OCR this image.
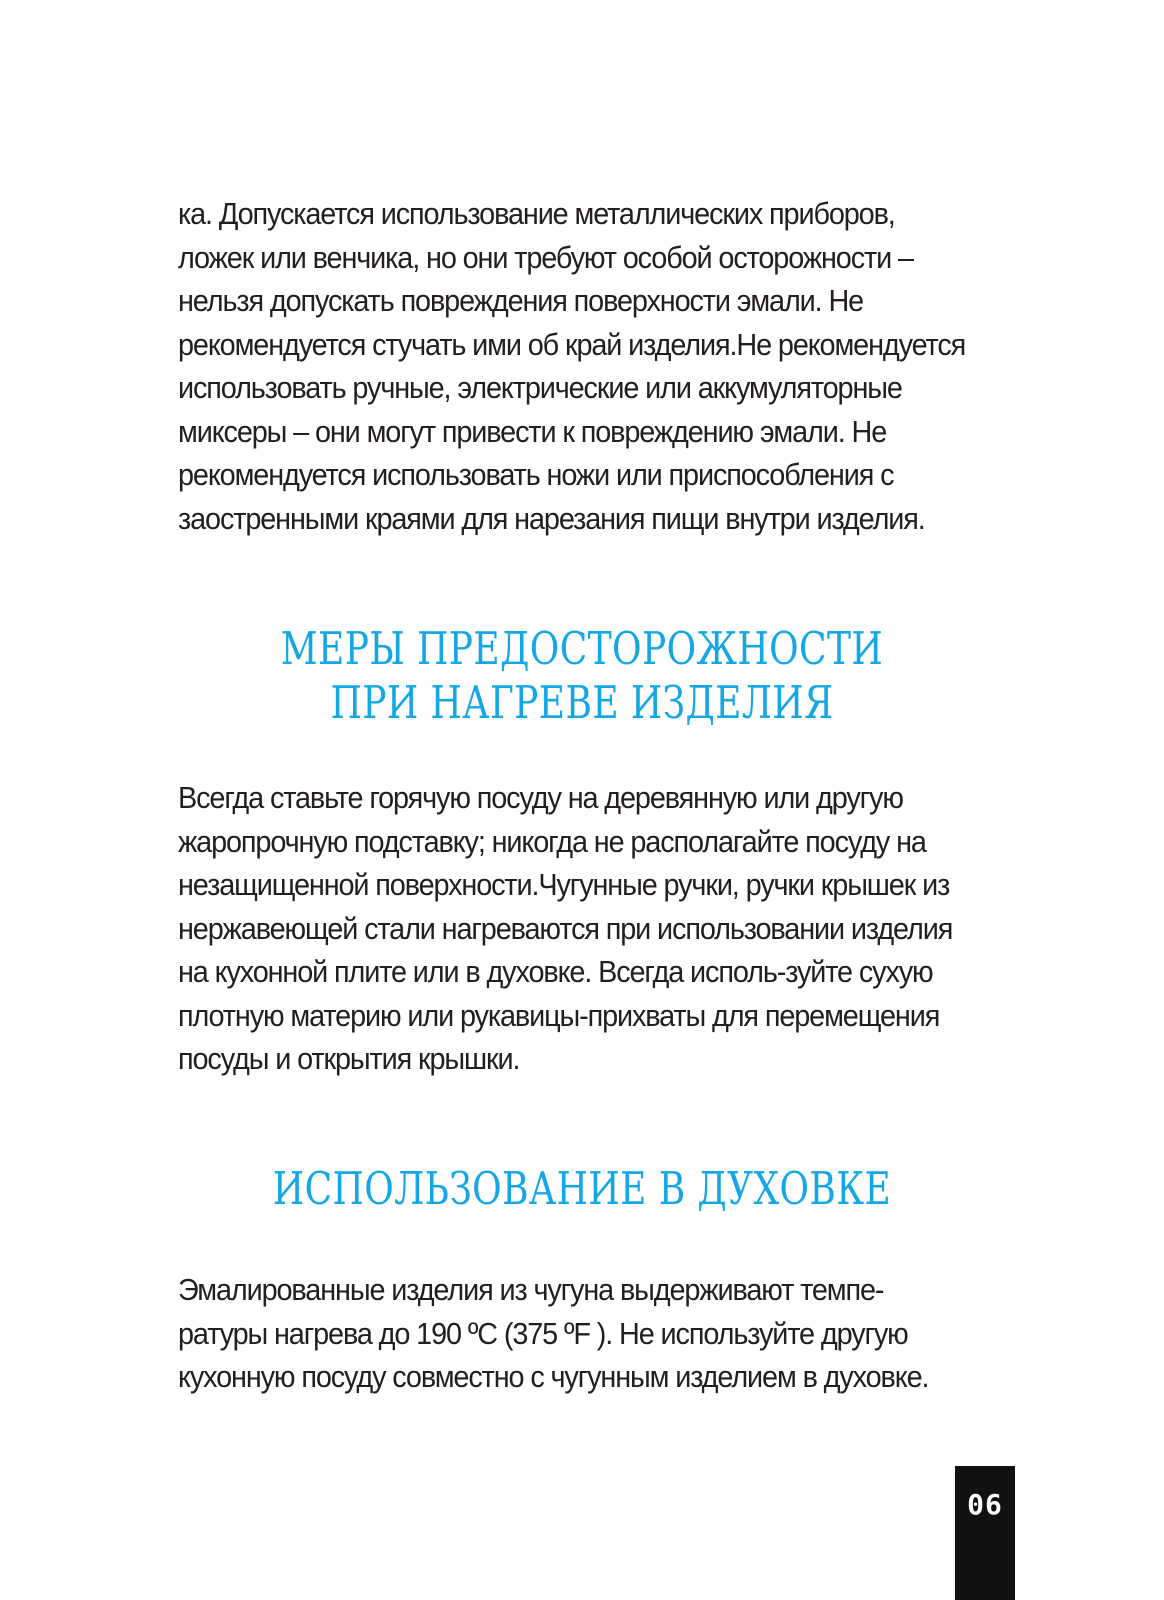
ка. Допускается использование металлических приборов, ложек или венчика, но они требуют особой осторожности – нельзя допускать повреждения поверхности эмали. Не рекомендуется стучать ими об край изделия.Не рекомендуется использовать ручные, электрические или аккумуляторные миксеры – они могут привести к повреждению эмали. Не рекомендуется использовать ножи или приспособления с заостренными краями для нарезания пищи внутри изделия.

МЕРЫ ПРЕДОСТОРОЖНОСТИ
ПРИ НАГРЕВЕ ИЗДЕЛИЯ

Всегда ставьте горячую посуду на деревянную или другую жаропрочную подставку; никогда не располагайте посуду на незащищенной поверхности.Чугунные ручки, ручки крышек из нержавеющей стали нагреваются при использовании изделия на кухонной плите или в духовке. Всегда исполь-зуйте сухую плотную материю или рукавицы-прихваты для перемещения посуды и открытия крышки.

ИСПОЛЬЗОВАНИЕ В ДУХОВКЕ

Эмалированные изделия из чугуна выдерживают темпе-ратуры нагрева до 190 ºC (375 ºF ). Не используйте другую кухонную посуду совместно с чугунным изделием в духовке.

06
